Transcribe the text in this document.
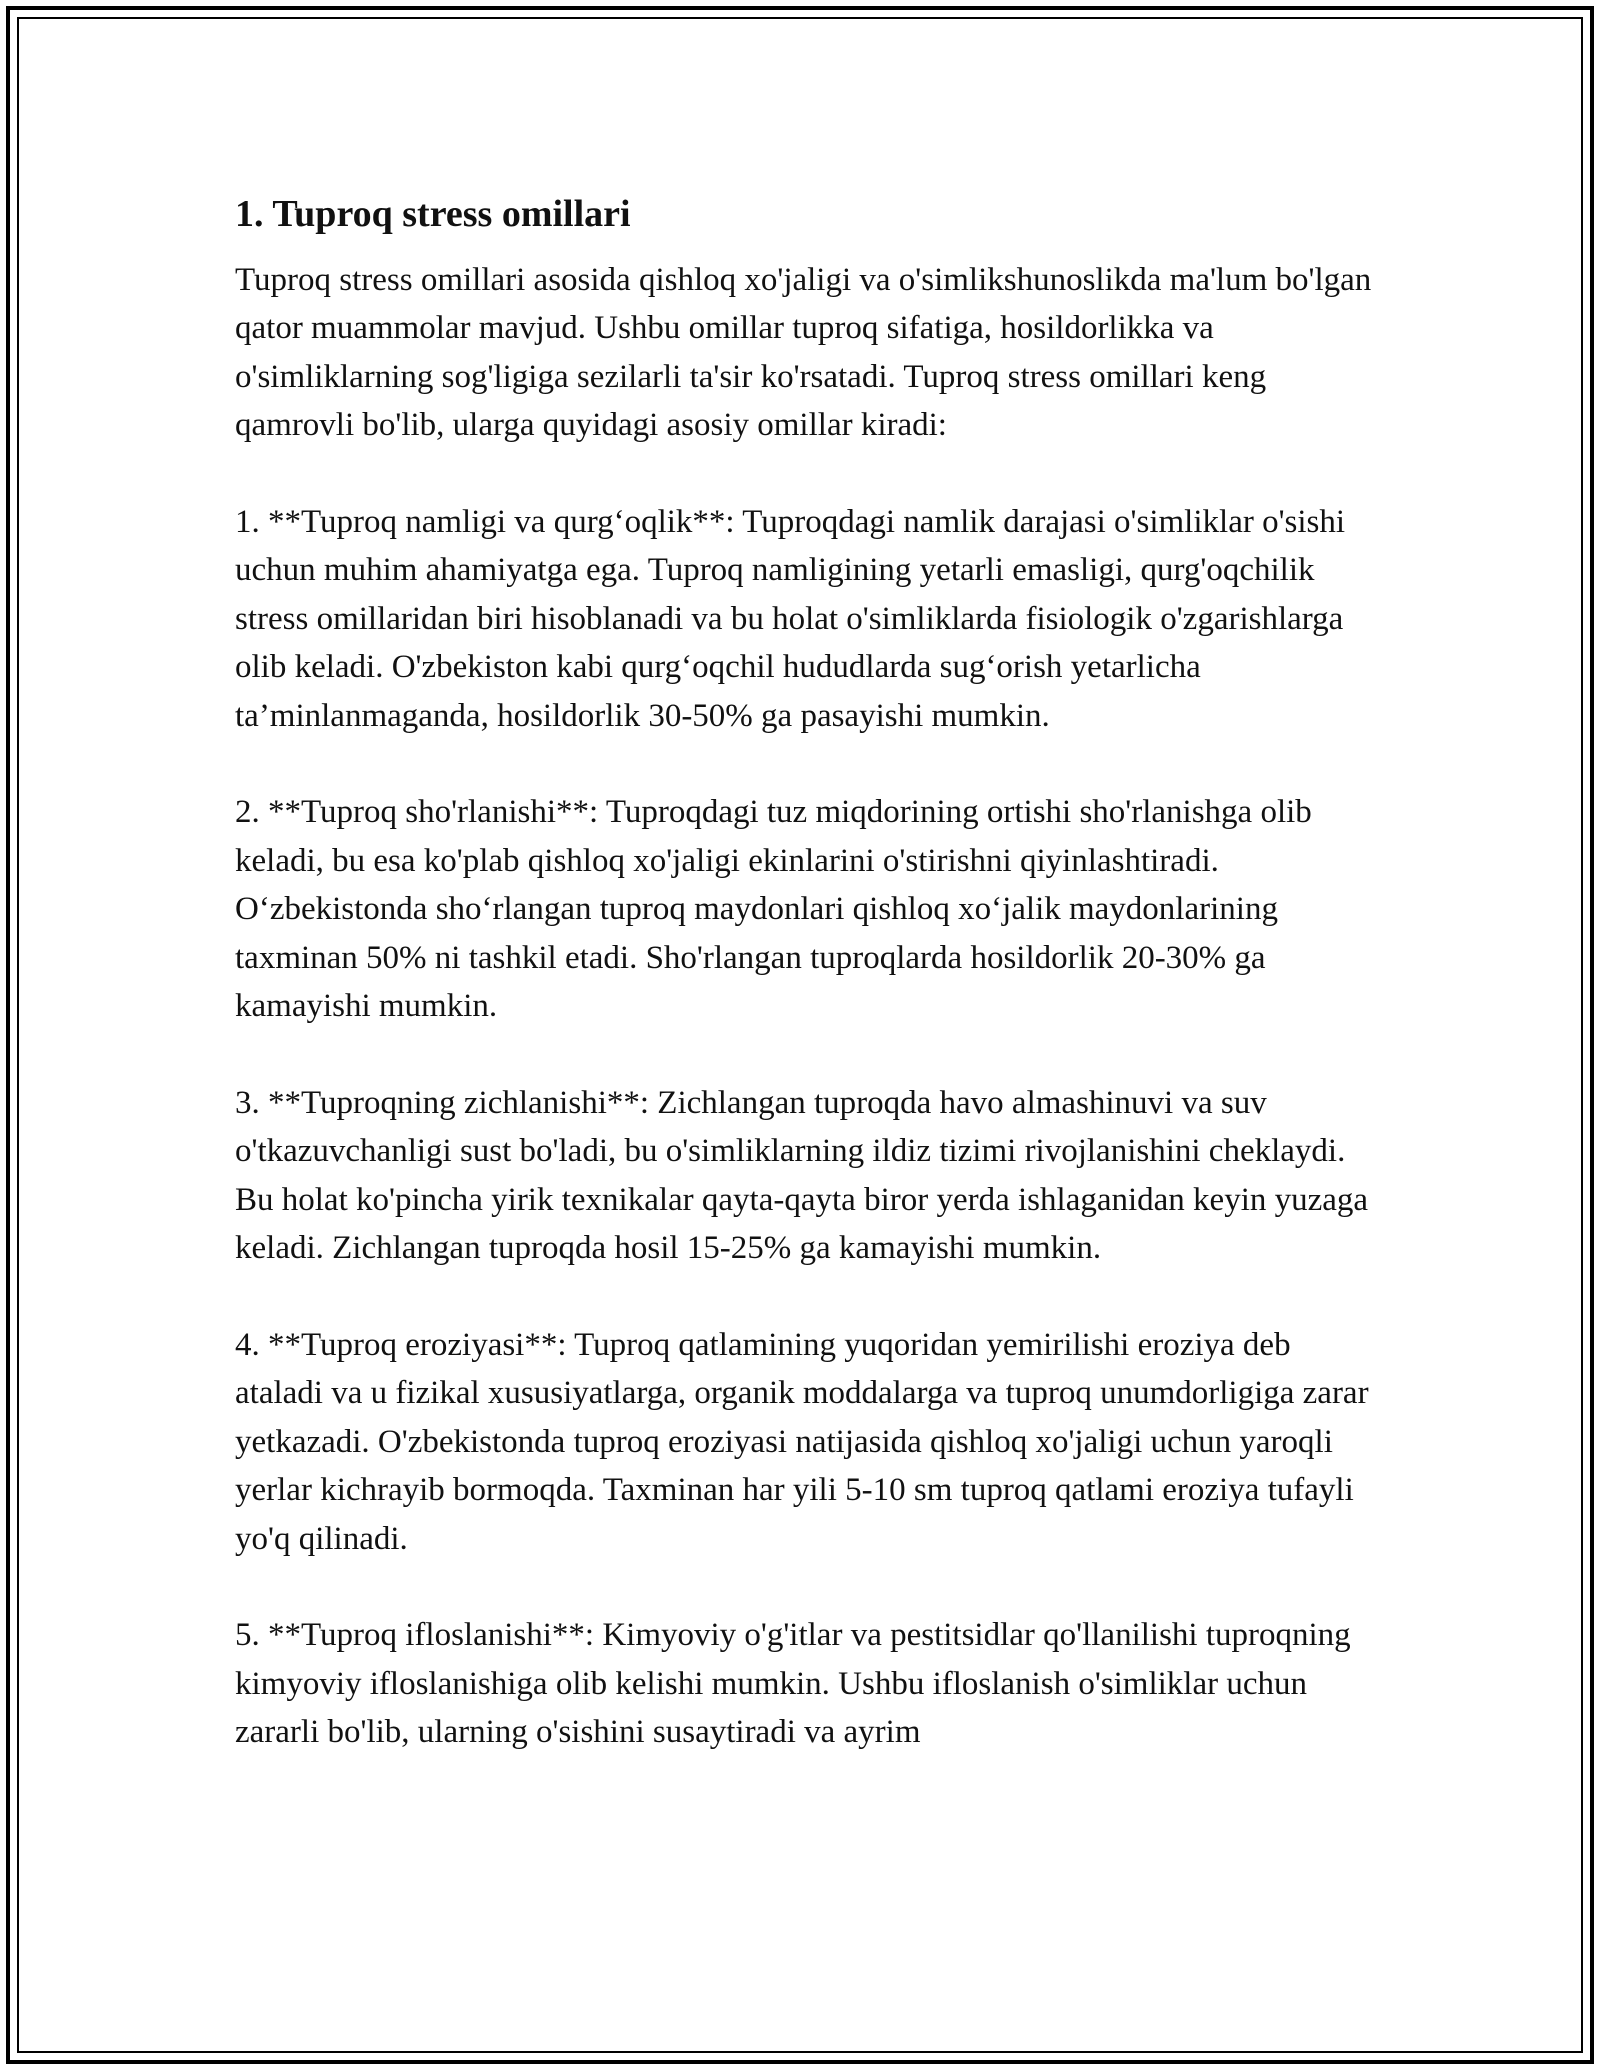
1. Tuproq stress omillari

Tuproq stress omillari asosida qishloq xo'jaligi va o'simlikshunoslikda ma'lum bo'lgan qator muammolar mavjud. Ushbu omillar tuproq sifatiga, hosildorlikka va o'simliklarning sog'ligiga sezilarli ta'sir ko'rsatadi. Tuproq stress omillari keng qamrovli bo'lib, ularga quyidagi asosiy omillar kiradi:

1. **Tuproq namligi va qurg‘oqlik**: Tuproqdagi namlik darajasi o'simliklar o'sishi uchun muhim ahamiyatga ega. Tuproq namligining yetarli emasligi, qurg'oqchilik stress omillaridan biri hisoblanadi va bu holat o'simliklarda fisiologik o'zgarishlarga olib keladi. O'zbekiston kabi qurg‘oqchil hududlarda sug‘orish yetarlicha ta’minlanmaganda, hosildorlik 30-50% ga pasayishi mumkin.

2. **Tuproq sho'rlanishi**: Tuproqdagi tuz miqdorining ortishi sho'rlanishga olib keladi, bu esa ko'plab qishloq xo'jaligi ekinlarini o'stirishni qiyinlashtiradi. O‘zbekistonda sho‘rlangan tuproq maydonlari qishloq xo‘jalik maydonlarining taxminan 50% ni tashkil etadi. Sho'rlangan tuproqlarda hosildorlik 20-30% ga kamayishi mumkin.

3. **Tuproqning zichlanishi**: Zichlangan tuproqda havo almashinuvi va suv o'tkazuvchanligi sust bo'ladi, bu o'simliklarning ildiz tizimi rivojlanishini cheklaydi. Bu holat ko'pincha yirik texnikalar qayta-qayta biror yerda ishlaganidan keyin yuzaga keladi. Zichlangan tuproqda hosil 15-25% ga kamayishi mumkin.

4. **Tuproq eroziyasi**: Tuproq qatlamining yuqoridan yemirilishi eroziya deb ataladi va u fizikal xususiyatlarga, organik moddalarga va tuproq unumdorligiga zarar yetkazadi. O'zbekistonda tuproq eroziyasi natijasida qishloq xo'jaligi uchun yaroqli yerlar kichrayib bormoqda. Taxminan har yili 5-10 sm tuproq qatlami eroziya tufayli yo'q qilinadi.

5. **Tuproq ifloslanishi**: Kimyoviy o'g'itlar va pestitsidlar qo'llanilishi tuproqning kimyoviy ifloslanishiga olib kelishi mumkin. Ushbu ifloslanish o'simliklar uchun zararli bo'lib, ularning o'sishini susaytiradi va ayrim
